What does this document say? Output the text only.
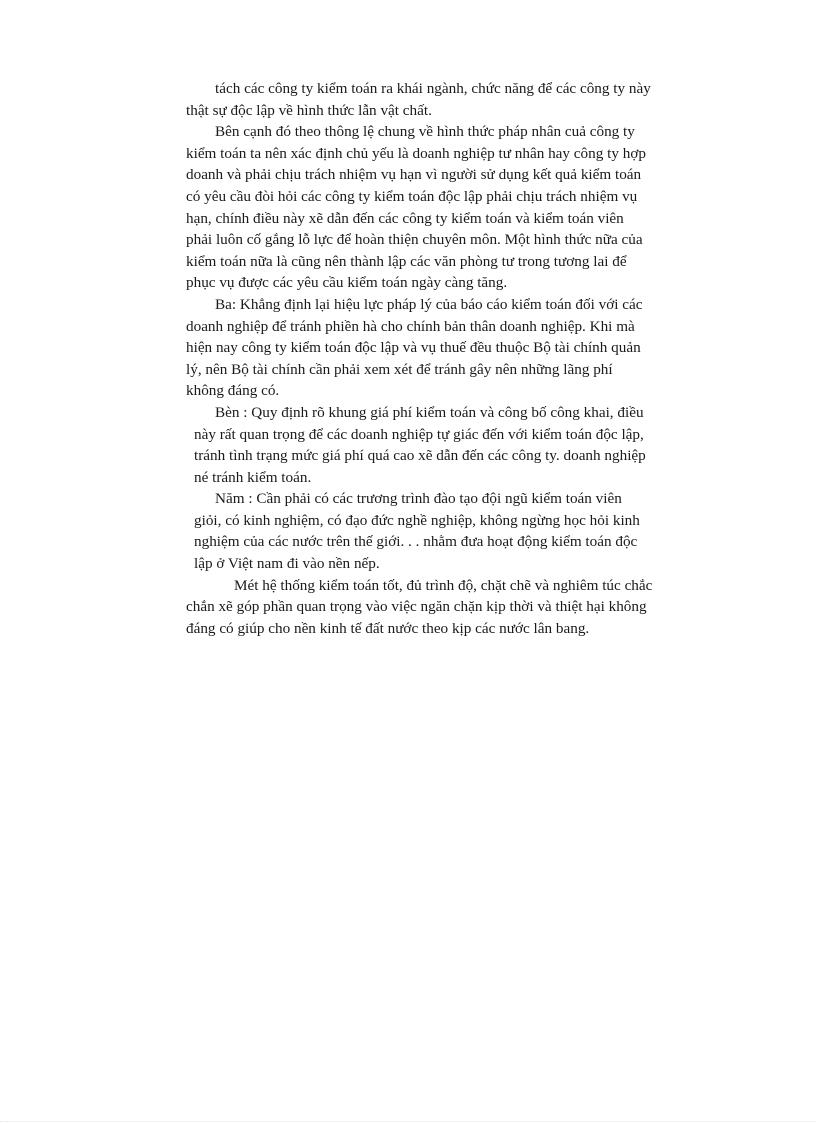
tách các công ty kiểm toán ra khái ngành, chức năng để các công ty này
thật sự độc lập về hình thức lẫn vật chất.

Bên cạnh đó theo thông lệ chung về hình thức pháp nhân cuả công ty
kiểm toán ta nên xác định chủ yếu là doanh nghiệp tư nhân hay công ty hợp
doanh và phải chịu trách nhiệm vụ hạn vì người sử dụng kết quả kiểm toán
có yêu cầu đòi hỏi các công ty kiểm toán độc lập phải chịu trách nhiệm vụ
hạn, chính điều này xẽ dẫn đến các công ty kiểm toán và kiểm toán viên
phải luôn cố gắng lỗ lực để hoàn thiện chuyên môn. Một hình thức nữa của
kiểm toán nữa là cũng nên thành lập các văn phòng tư trong tương lai để
phục vụ được các yêu cầu kiểm toán ngày càng tăng.

Ba: Khẳng định lại hiệu lực pháp lý của báo cáo kiểm toán đối với các
doanh nghiệp để tránh phiền hà cho chính bản thân doanh nghiệp. Khi mà
hiện nay công ty kiểm toán độc lập và vụ thuế đều thuộc Bộ tài chính quản
lý, nên Bộ tài chính cần phải xem xét để tránh gây nên những lãng phí
không đáng có.

Bèn : Quy định rõ khung giá phí kiểm toán và công bố công khai, điều
này rất quan trọng để các doanh nghiệp tự giác đến với kiểm toán độc lập,
tránh tình trạng mức giá phí quá cao xẽ dẫn đến các công ty. doanh nghiệp
né tránh kiểm toán.

Năm : Cần phải có các trương trình đào tạo đội ngũ kiểm toán viên
giỏi, có kinh nghiệm, có đạo đức nghề nghiệp, không ngừng học hỏi kinh
nghiệm của các nước trên thế giới. . . nhằm đưa hoạt động kiểm toán độc
lập ở Việt nam đi vào nền nếp.

Mét hệ thống kiểm toán tốt, đủ trình độ, chặt chẽ và nghiêm túc chắc
chắn xẽ góp phần quan trọng vào việc ngăn chặn kịp thời và thiệt hại không
đáng có giúp cho nền kinh tế đất nước theo kịp các nước lân bang.
